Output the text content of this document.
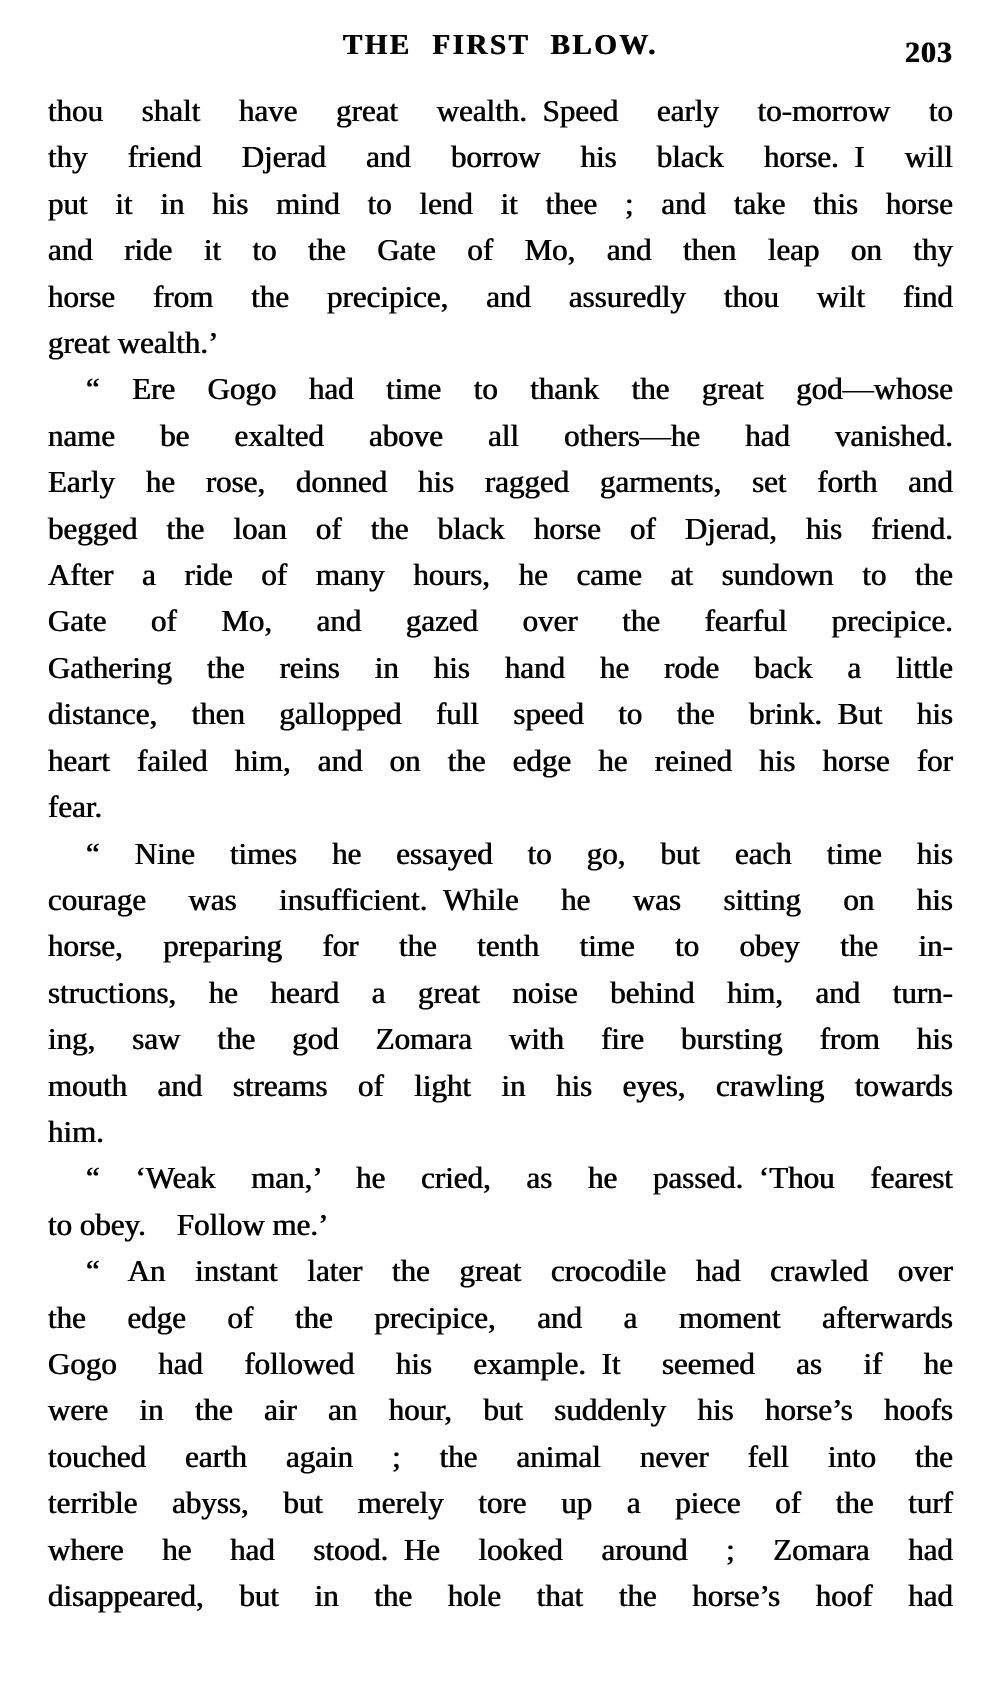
THE FIRST BLOW.	203
thou shalt have great wealth. Speed early to-morrow to
thy friend Djerad and borrow his black horse. I will
put it in his mind to lend it thee ; and take this horse
and ride it to the Gate of Mo, and then leap on thy
horse from the precipice, and assuredly thou wilt find
great wealth.’
“ Ere Gogo had time to thank the great god—whose
name be exalted above all others—he had vanished.
Early he rose, donned his ragged garments, set forth and
begged the loan of the black horse of Djerad, his friend.
After a ride of many hours, he came at sundown to the
Gate of Mo, and gazed over the fearful precipice.
Gathering the reins in his hand he rode back a little
distance, then gallopped full speed to the brink. But his
heart failed him, and on the edge he reined his horse for
fear.
“ Nine times he essayed to go, but each time his
courage was insufficient. While he was sitting on his
horse, preparing for the tenth time to obey the in-
structions, he heard a great noise behind him, and turn-
ing, saw the god Zomara with fire bursting from his
mouth and streams of light in his eyes, crawling towards
him.
“ ‘Weak man,’ he cried, as he passed. ‘Thou fearest
to obey. Follow me.’
“ An instant later the great crocodile had crawled over
the edge of the precipice, and a moment afterwards
Gogo had followed his example. It seemed as if he
were in the air an hour, but suddenly his horse’s hoofs
touched earth again ; the animal never fell into the
terrible abyss, but merely tore up a piece of the turf
where he had stood. He looked around ; Zomara had
disappeared, but in the hole that the horse’s hoof had
